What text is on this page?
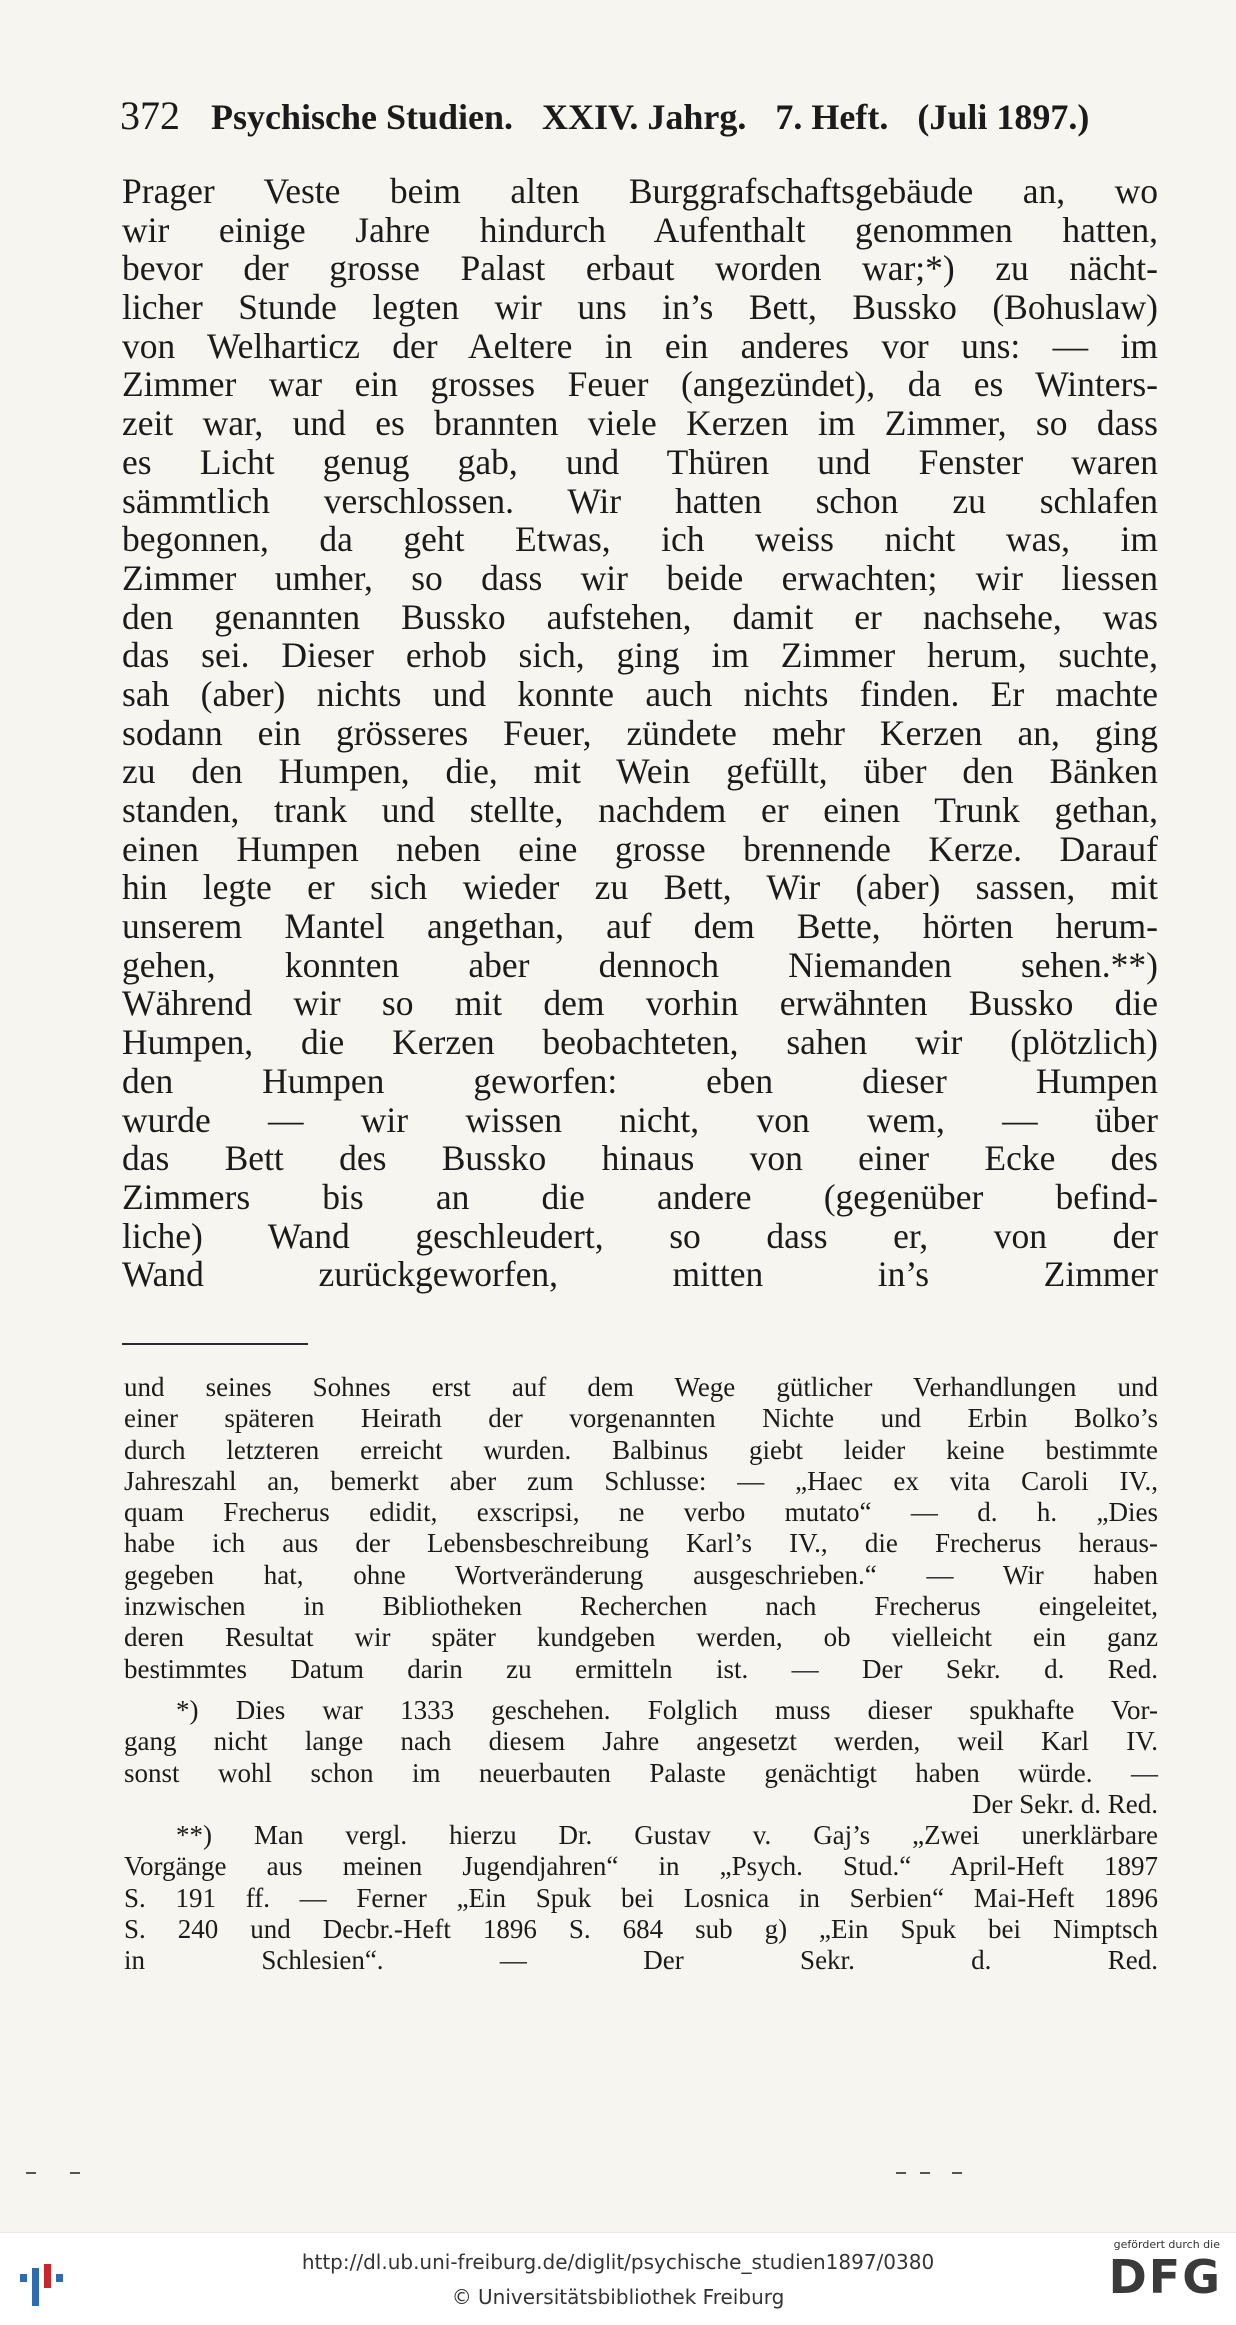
372 Psychische Studien. XXIV. Jahrg. 7. Heft. (Juli 1897.)
Prager Veste beim alten Burggrafschaftsgebäude an, wo
wir einige Jahre hindurch Aufenthalt genommen hatten,
bevor der grosse Palast erbaut worden war;*) zu nächt-
licher Stunde legten wir uns in’s Bett, Bussko (Bohuslaw)
von Welharticz der Aeltere in ein anderes vor uns: — im
Zimmer war ein grosses Feuer (angezündet), da es Winters-
zeit war, und es brannten viele Kerzen im Zimmer, so dass
es Licht genug gab, und Thüren und Fenster waren
sämmtlich verschlossen. Wir hatten schon zu schlafen
begonnen, da geht Etwas, ich weiss nicht was, im
Zimmer umher, so dass wir beide erwachten; wir liessen
den genannten Bussko aufstehen, damit er nachsehe, was
das sei. Dieser erhob sich, ging im Zimmer herum, suchte,
sah (aber) nichts und konnte auch nichts finden. Er machte
sodann ein grösseres Feuer, zündete mehr Kerzen an, ging
zu den Humpen, die, mit Wein gefüllt, über den Bänken
standen, trank und stellte, nachdem er einen Trunk gethan,
einen Humpen neben eine grosse brennende Kerze. Darauf
hin legte er sich wieder zu Bett, Wir (aber) sassen, mit
unserem Mantel angethan, auf dem Bette, hörten herum-
gehen, konnten aber dennoch Niemanden sehen.**)
Während wir so mit dem vorhin erwähnten Bussko die
Humpen, die Kerzen beobachteten, sahen wir (plötzlich)
den Humpen geworfen: eben dieser Humpen
wurde — wir wissen nicht, von wem, — über
das Bett des Bussko hinaus von einer Ecke des
Zimmers bis an die andere (gegenüber befind-
liche) Wand geschleudert, so dass er, von der
Wand zurückgeworfen, mitten in’s Zimmer
und seines Sohnes erst auf dem Wege gütlicher Verhandlungen und
einer späteren Heirath der vorgenannten Nichte und Erbin Bolko’s
durch letzteren erreicht wurden. Balbinus giebt leider keine bestimmte
Jahreszahl an, bemerkt aber zum Schlusse: — „Haec ex vita Caroli IV.,
quam Frecherus edidit, exscripsi, ne verbo mutato“ — d. h. „Dies
habe ich aus der Lebensbeschreibung Karl’s IV., die Frecherus heraus-
gegeben hat, ohne Wortveränderung ausgeschrieben.“ — Wir haben
inzwischen in Bibliotheken Recherchen nach Frecherus eingeleitet,
deren Resultat wir später kundgeben werden, ob vielleicht ein ganz
bestimmtes Datum darin zu ermitteln ist. — Der Sekr. d. Red.
*) Dies war 1333 geschehen. Folglich muss dieser spukhafte Vor-
gang nicht lange nach diesem Jahre angesetzt werden, weil Karl IV.
sonst wohl schon im neuerbauten Palaste genächtigt haben würde. —
Der Sekr. d. Red.
**) Man vergl. hierzu Dr. Gustav v. Gaj’s „Zwei unerklärbare
Vorgänge aus meinen Jugendjahren“ in „Psych. Stud.“ April-Heft 1897
S. 191 ff. — Ferner „Ein Spuk bei Losnica in Serbien“ Mai-Heft 1896
S. 240 und Decbr.-Heft 1896 S. 684 sub g) „Ein Spuk bei Nimptsch
in Schlesien“. — Der Sekr. d. Red.
http://dl.ub.uni-freiburg.de/diglit/psychische_studien1897/0380
© Universitätsbibliothek Freiburg
gefördert durch die
DFG
